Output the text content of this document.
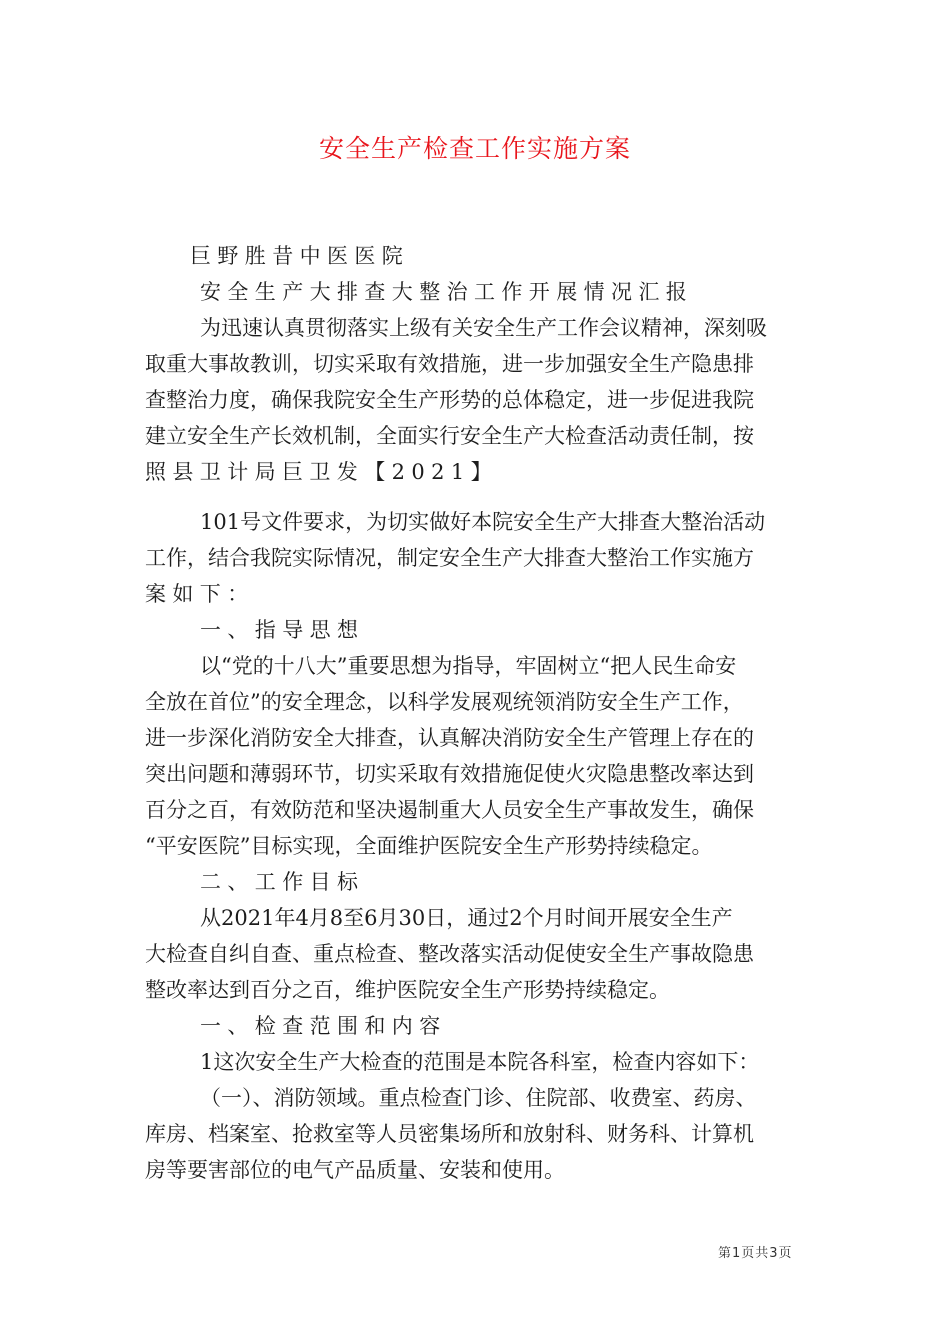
安全生产检查工作实施方案
巨野胜昔中医医院
安全生产大排查大整治工作开展情况汇报
为迅速认真贯彻落实上级有关安全生产工作会议精神，深刻吸
取重大事故教训，切实采取有效措施，进一步加强安全生产隐患排
查整治力度，确保我院安全生产形势的总体稳定，进一步促进我院
建立安全生产长效机制，全面实行安全生产大检查活动责任制，按
照县卫计局巨卫发【2021】
101号文件要求，为切实做好本院安全生产大排查大整治活动
工作，结合我院实际情况，制定安全生产大排查大整治工作实施方
案如下：
一、指导思想
以“党的十八大”重要思想为指导，牢固树立“把人民生命安
全放在首位”的安全理念，以科学发展观统领消防安全生产工作，
进一步深化消防安全大排查，认真解决消防安全生产管理上存在的
突出问题和薄弱环节，切实采取有效措施促使火灾隐患整改率达到
百分之百，有效防范和坚决遏制重大人员安全生产事故发生，确保
“平安医院”目标实现，全面维护医院安全生产形势持续稳定。
二、工作目标
从2021年4月8至6月30日，通过2个月时间开展安全生产
大检查自纠自查、重点检查、整改落实活动促使安全生产事故隐患
整改率达到百分之百，维护医院安全生产形势持续稳定。
一、检查范围和内容
1这次安全生产大检查的范围是本院各科室，检查内容如下：
（一）、消防领域。重点检查门诊、住院部、收费室、药房、
库房、档案室、抢救室等人员密集场所和放射科、财务科、计算机
房等要害部位的电气产品质量、安装和使用。
第1页共3页
